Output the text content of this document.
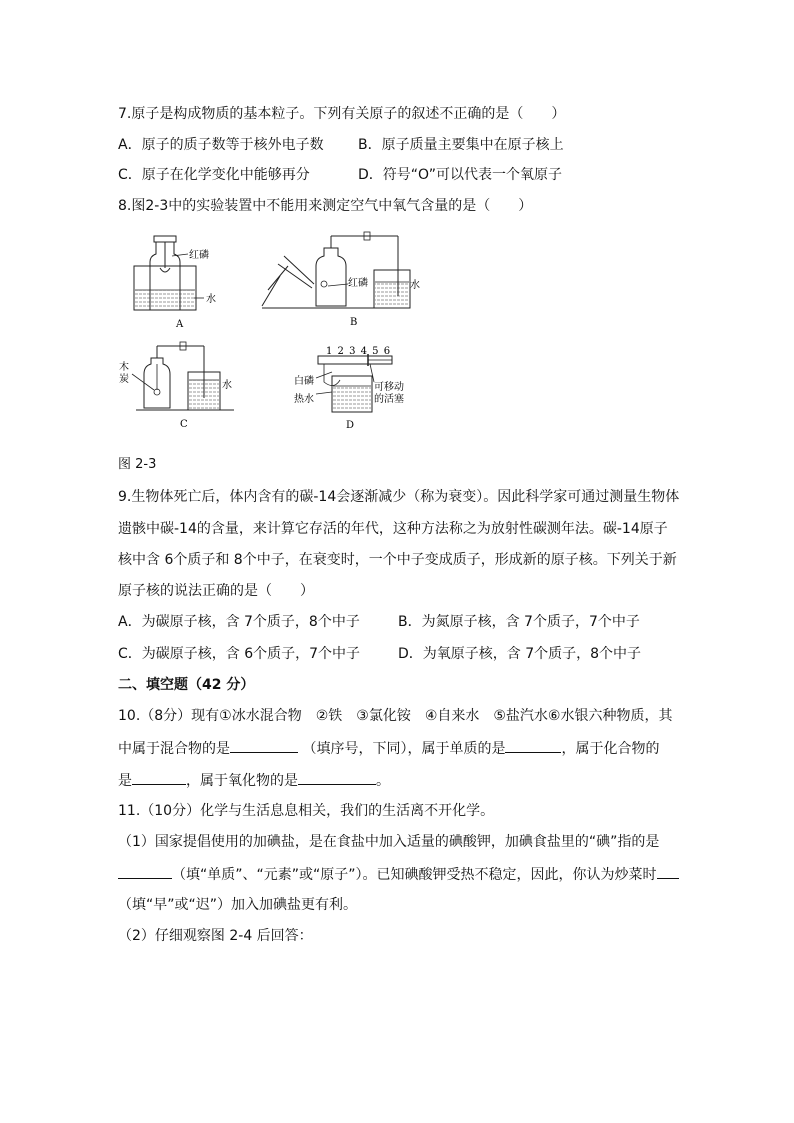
7.原子是构成物质的基本粒子。下列有关原子的叙述不正确的是（　　）
A．原子的质子数等于核外电子数 B．原子质量主要集中在原子核上
C．原子在化学变化中能够再分	D．符号“O”可以代表一个氧原子
8.图2-3中的实验装置中不能用来测定空气中氧气含量的是（　　）
红磷
水
A
红磷	水
B
木
炭
水
C
1 2 3 4 5 6
白磷
热水
可移动
的活塞
D
图 2-3
9.生物体死亡后，体内含有的碳-14会逐渐减少（称为衰变）。因此科学家可通过测量生物体
遗骸中碳-14的含量，来计算它存活的年代，这种方法称之为放射性碳测年法。碳-14原子
核中含 6个质子和 8个中子，在衰变时，一个中子变成质子，形成新的原子核。下列关于新
原子核的说法正确的是（　　）
A．为碳原子核，含 7个质子，8个中子	B．为氮原子核，含 7个质子，7个中子
C．为碳原子核，含 6个质子，7个中子	D．为氧原子核，含 7个质子，8个中子
二、填空题（42 分）
10.（8分）现有①冰水混合物　②铁　③氯化铵　④自来水　⑤盐汽水⑥水银六种物质，其
中属于混合物的是	（填序号，下同），属于单质的是	，属于化合物的
是	，属于氧化物的是	。
11.（10分）化学与生活息息相关，我们的生活离不开化学。
（1）国家提倡使用的加碘盐，是在食盐中加入适量的碘酸钾，加碘食盐里的“碘”指的是
（填“单质”、“元素”或“原子”）。已知碘酸钾受热不稳定，因此，你认为炒菜时
（填“早”或“迟”）加入加碘盐更有利。
（2）仔细观察图 2-4 后回答：
